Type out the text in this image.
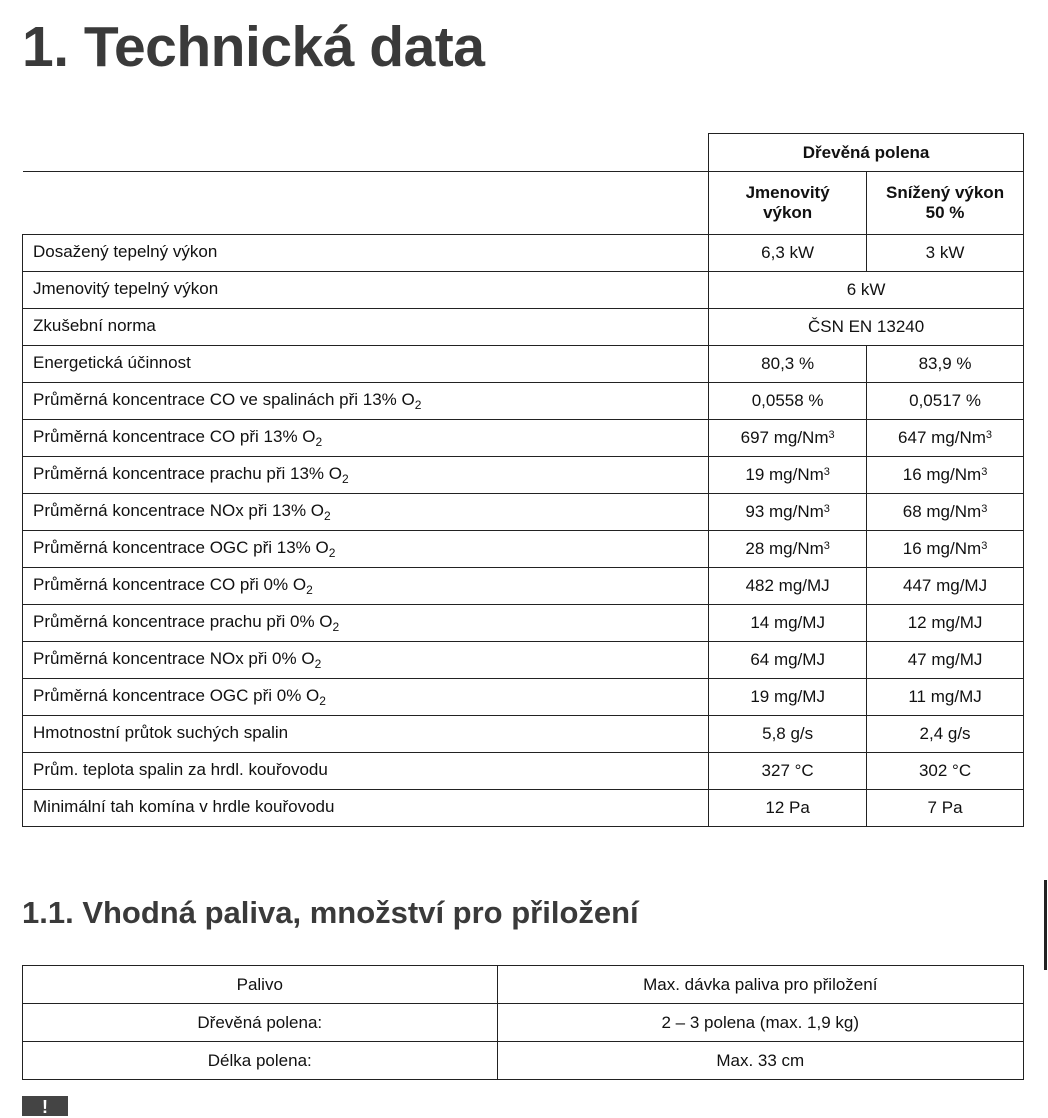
1. Technická data
	Dřevěná polena	
	Jmenovitý výkon	Snížený výkon 50 %
Dosažený tepelný výkon	6,3 kW	3 kW
Jmenovitý tepelný výkon	6 kW	
Zkušební norma	ČSN EN 13240	
Energetická účinnost	80,3 %	83,9 %
Průměrná koncentrace CO ve spalinách při 13% $O_2$	0,0558 %	0,0517 %
Průměrná koncentrace CO při 13% $O_2$	697 mg/Nm$^3$	647 mg/Nm$^3$
Průměrná koncentrace prachu při 13% $O_2$	19 mg/Nm$^3$	16 mg/Nm$^3$
Průměrná koncentrace NOx při 13% $O_2$	93 mg/Nm$^3$	68 mg/Nm$^3$
Průměrná koncentrace OGC při 13% $O_2$	28 mg/Nm$^3$	16 mg/Nm$^3$
Průměrná koncentrace CO při 0% $O_2$	482 mg/MJ	447 mg/MJ
Průměrná koncentrace prachu při 0% $O_2$	14 mg/MJ	12 mg/MJ
Průměrná koncentrace NOx při 0% $O_2$	64 mg/MJ	47 mg/MJ
Průměrná koncentrace OGC při 0% $O_2$	19 mg/MJ	11 mg/MJ
Hmotnostní průtok suchých spalin	5,8 g/s	2,4 g/s
Prům. teplota spalin za hrdl. kouřovodu	327 °C	302 °C
Minimální tah komína v hrdle kouřovodu	12 Pa	7 Pa
1.1. Vhodná paliva, množství pro přiložení
Palivo	Max. dávka paliva pro přiložení
Dřevěná polena:	2 – 3 polena (max. 1,9 kg)
Délka polena:	Max. 33 cm
!
